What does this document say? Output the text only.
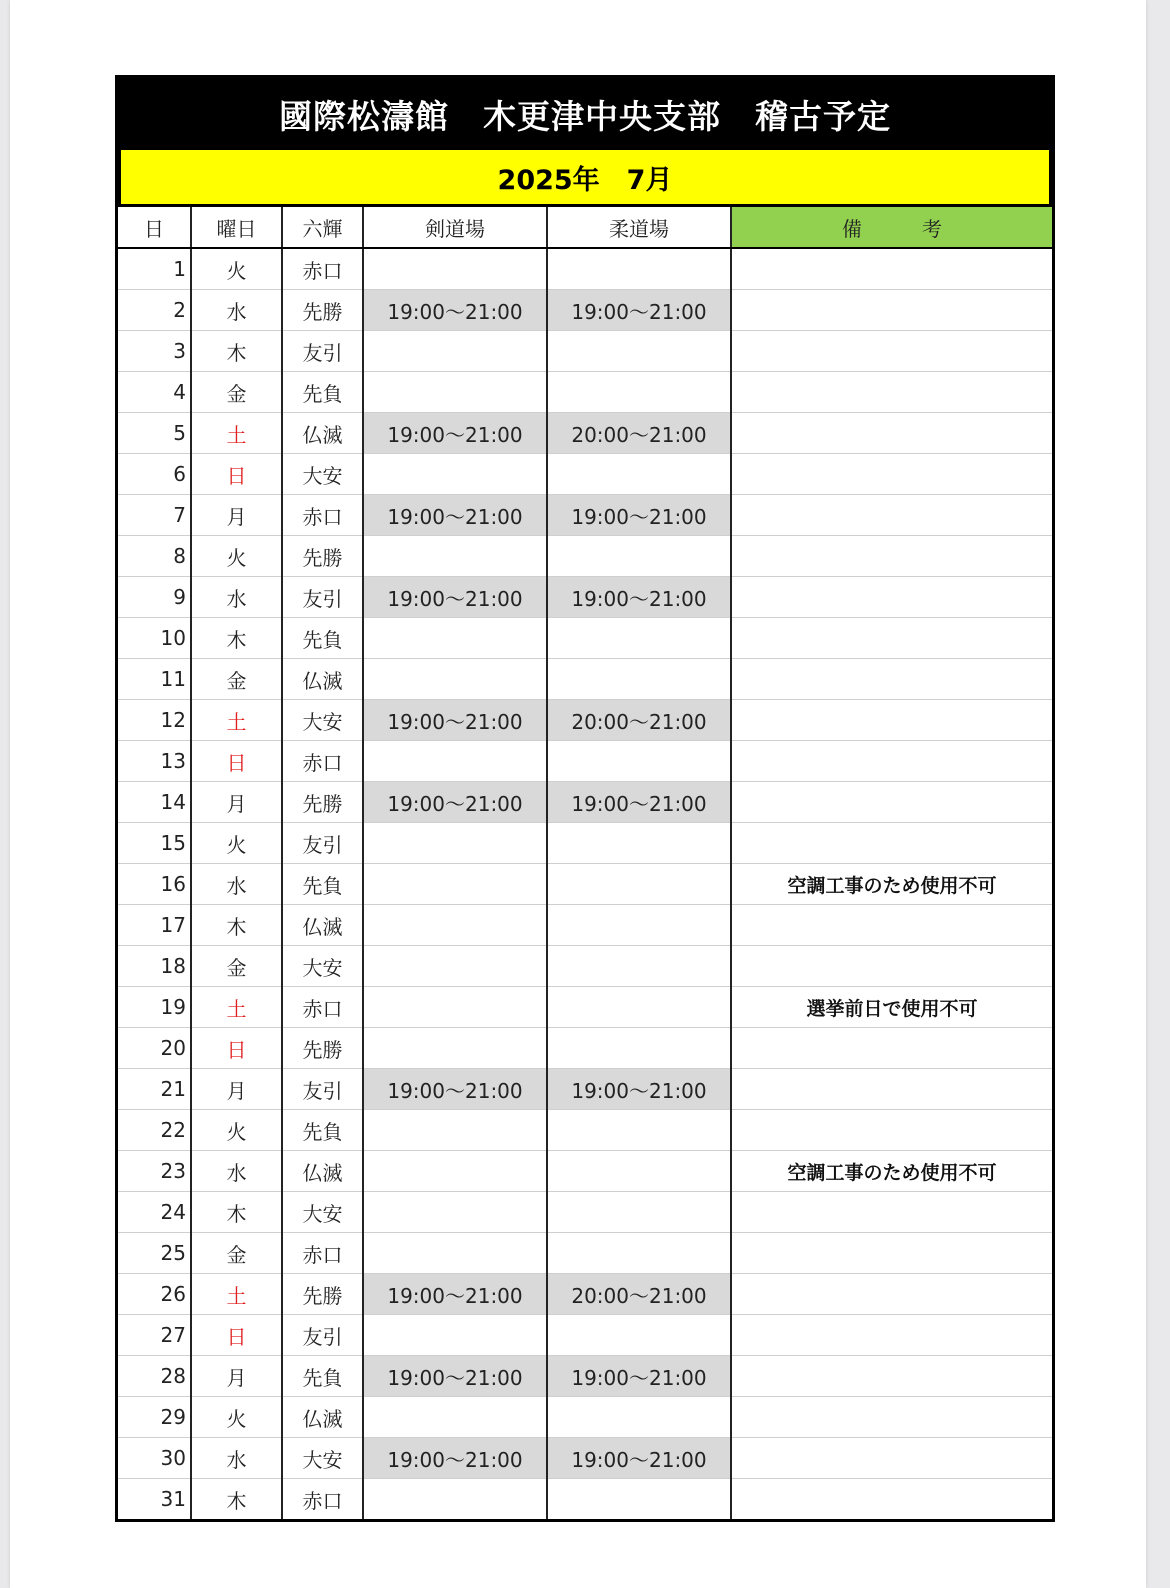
國際松濤館　木更津中央支部　稽古予定
2025年　7月
日	曜日	六輝	剣道場	柔道場	備　　　考
1	火	赤口			
2	水	先勝	19:00～21:00	19:00～21:00	
3	木	友引			
4	金	先負			
5	土	仏滅	19:00～21:00	20:00～21:00	
6	日	大安			
7	月	赤口	19:00～21:00	19:00～21:00	
8	火	先勝			
9	水	友引	19:00～21:00	19:00～21:00	
10	木	先負			
11	金	仏滅			
12	土	大安	19:00～21:00	20:00～21:00	
13	日	赤口			
14	月	先勝	19:00～21:00	19:00～21:00	
15	火	友引			
16	水	先負			空調工事のため使用不可
17	木	仏滅			
18	金	大安			
19	土	赤口			選挙前日で使用不可
20	日	先勝			
21	月	友引	19:00～21:00	19:00～21:00	
22	火	先負			
23	水	仏滅			空調工事のため使用不可
24	木	大安			
25	金	赤口			
26	土	先勝	19:00～21:00	20:00～21:00	
27	日	友引			
28	月	先負	19:00～21:00	19:00～21:00	
29	火	仏滅			
30	水	大安	19:00～21:00	19:00～21:00	
31	木	赤口			
